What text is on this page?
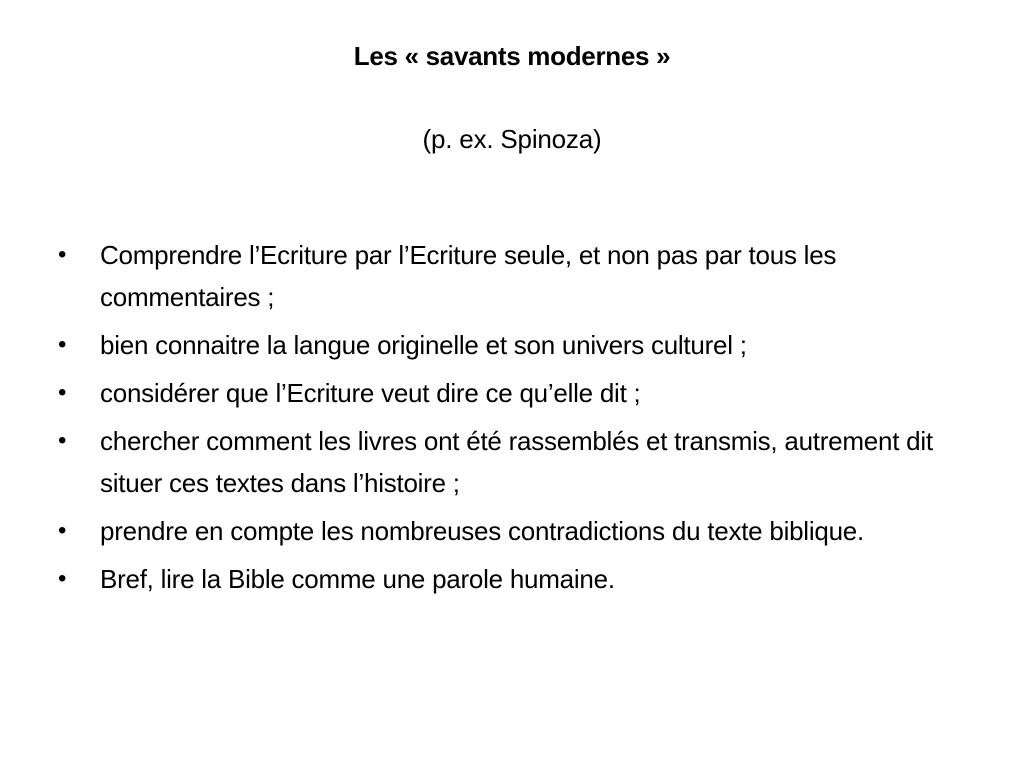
Les « savants modernes »
(p. ex. Spinoza)
•	Comprendre l’Ecriture par l’Ecriture seule, et non pas par tous les commentaires ;
•	bien connaitre la langue originelle et son univers culturel ;
•	considérer que l’Ecriture veut dire ce qu’elle dit ;
•	chercher comment les livres ont été rassemblés et transmis, autrement dit situer ces textes dans l’histoire ;
•	prendre en compte les nombreuses contradictions du texte biblique.
•	Bref, lire la Bible comme une parole humaine.
